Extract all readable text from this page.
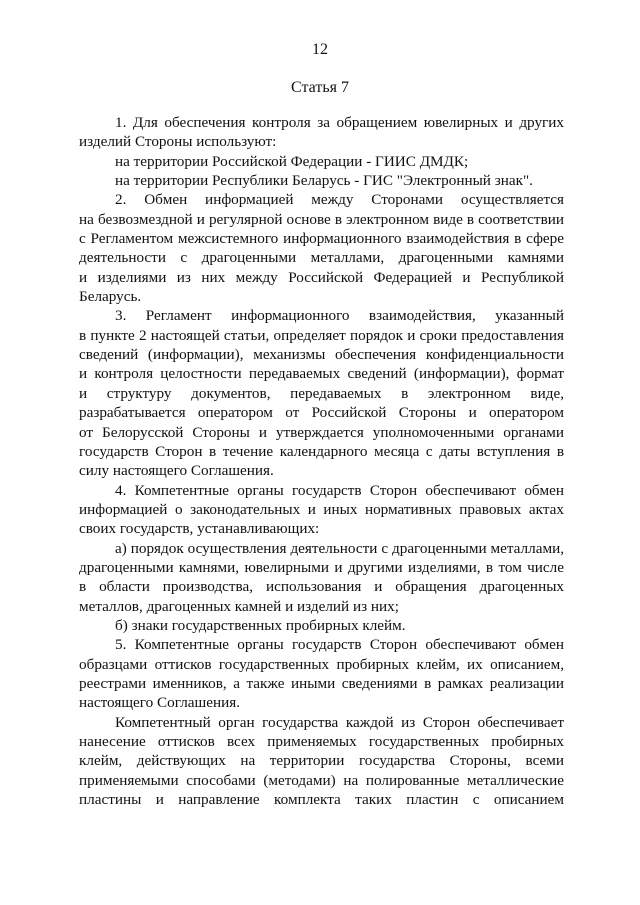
12
Статья 7
1. Для обеспечения контроля за обращением ювелирных и других
изделий Стороны используют:
на территории Российской Федерации - ГИИС ДМДК;
на территории Республики Беларусь - ГИС "Электронный знак".
2. Обмен информацией между Сторонами осуществляется
на безвозмездной и регулярной основе в электронном виде в соответствии
с Регламентом межсистемного информационного взаимодействия в сфере
деятельности с драгоценными металлами, драгоценными камнями
и изделиями из них между Российской Федерацией и Республикой
Беларусь.
3. Регламент информационного взаимодействия, указанный
в пункте 2 настоящей статьи, определяет порядок и сроки предоставления
сведений (информации), механизмы обеспечения конфиденциальности
и контроля целостности передаваемых сведений (информации), формат
и структуру документов, передаваемых в электронном виде,
разрабатывается оператором от Российской Стороны и оператором
от Белорусской Стороны и утверждается уполномоченными органами
государств Сторон в течение календарного месяца с даты вступления в
силу настоящего Соглашения.
4. Компетентные органы государств Сторон обеспечивают обмен
информацией о законодательных и иных нормативных правовых актах
своих государств, устанавливающих:
а) порядок осуществления деятельности с драгоценными металлами,
драгоценными камнями, ювелирными и другими изделиями, в том числе
в области производства, использования и обращения драгоценных
металлов, драгоценных камней и изделий из них;
б) знаки государственных пробирных клейм.
5. Компетентные органы государств Сторон обеспечивают обмен
образцами оттисков государственных пробирных клейм, их описанием,
реестрами именников, а также иными сведениями в рамках реализации
настоящего Соглашения.
Компетентный орган государства каждой из Сторон обеспечивает
нанесение оттисков всех применяемых государственных пробирных
клейм, действующих на территории государства Стороны, всеми
применяемыми способами (методами) на полированные металлические
пластины и направление комплекта таких пластин с описанием
